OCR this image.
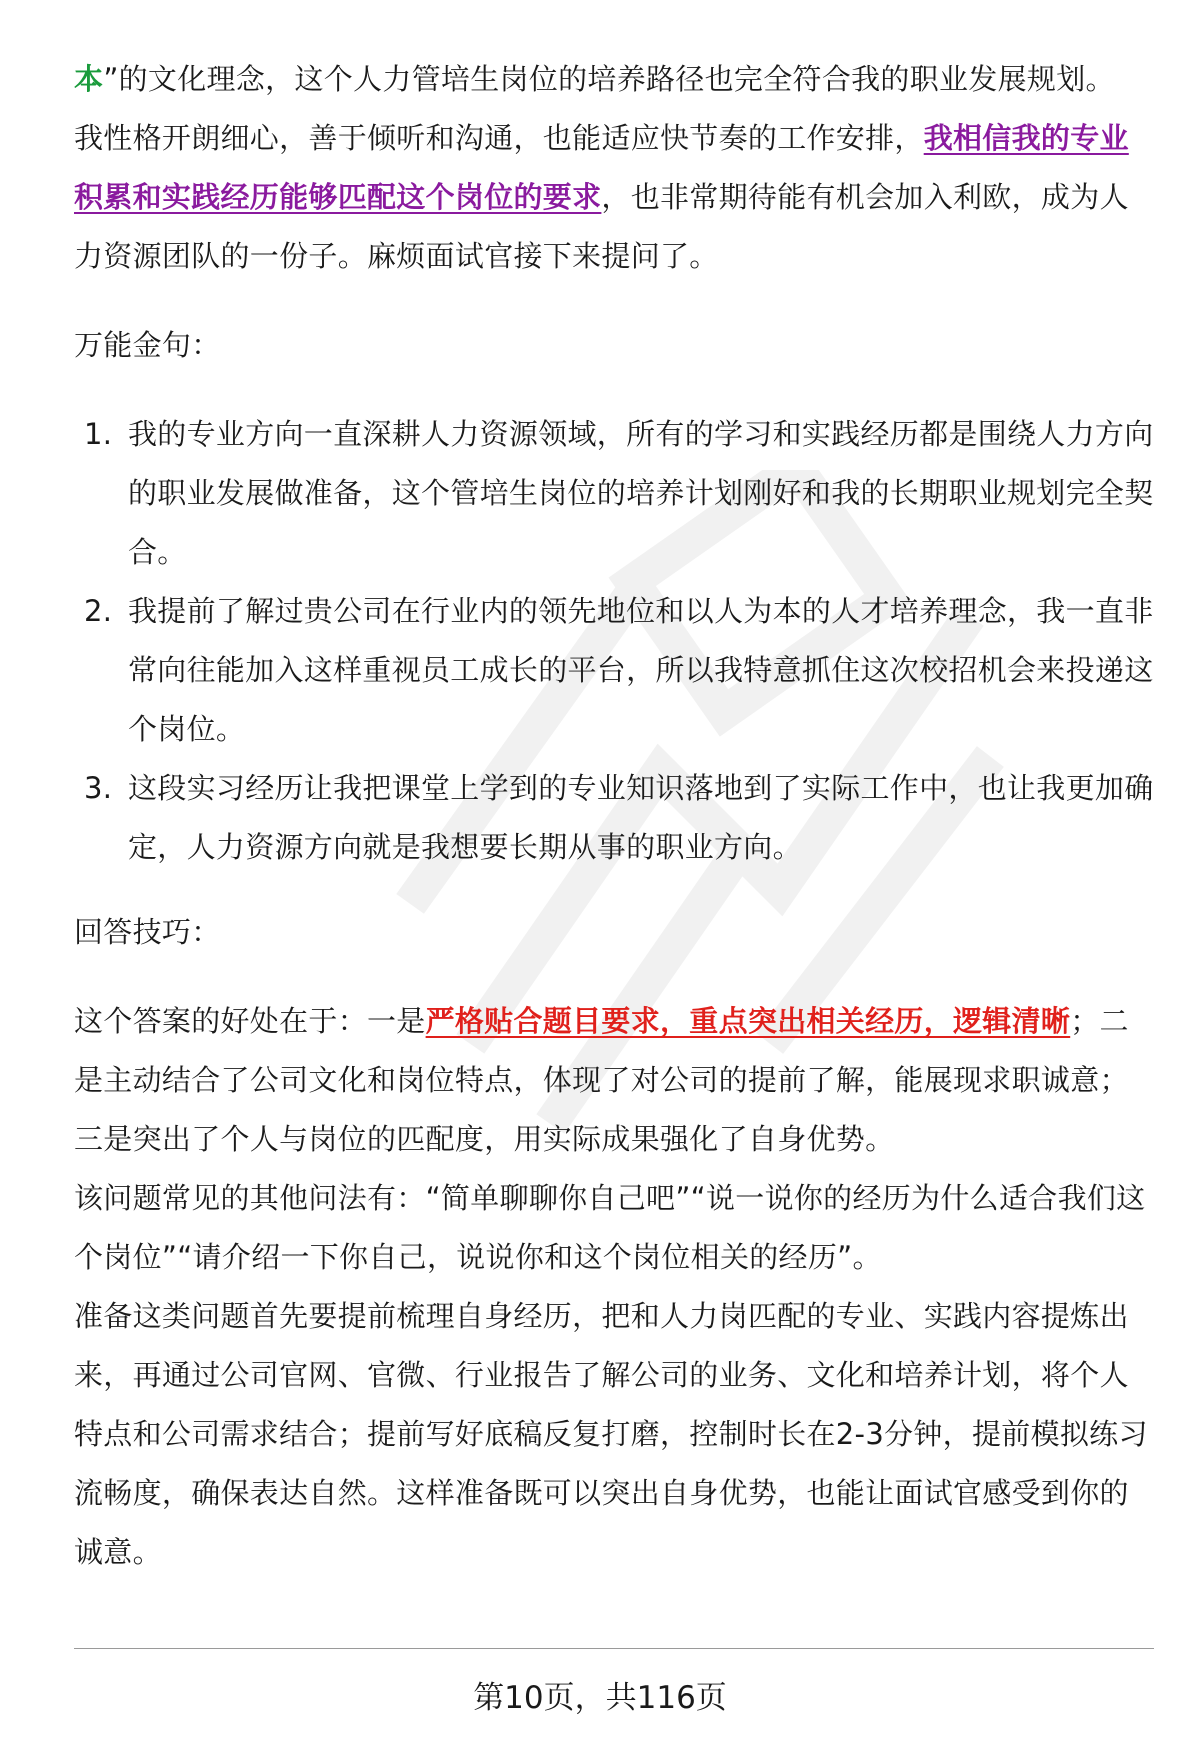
本”的文化理念，这个人力管培生岗位的培养路径也完全符合我的职业发展规划。
我性格开朗细心，善于倾听和沟通，也能适应快节奏的工作安排，我相信我的专业积累和实践经历能够匹配这个岗位的要求，也非常期待能有机会加入利欧，成为人力资源团队的一份子。麻烦面试官接下来提问了。

万能金句：

1. 我的专业方向一直深耕人力资源领域，所有的学习和实践经历都是围绕人力方向的职业发展做准备，这个管培生岗位的培养计划刚好和我的长期职业规划完全契合。
2. 我提前了解过贵公司在行业内的领先地位和以人为本的人才培养理念，我一直非常向往能加入这样重视员工成长的平台，所以我特意抓住这次校招机会来投递这个岗位。
3. 这段实习经历让我把课堂上学到的专业知识落地到了实际工作中，也让我更加确定，人力资源方向就是我想要长期从事的职业方向。

回答技巧：

这个答案的好处在于：一是严格贴合题目要求，重点突出相关经历，逻辑清晰；二是主动结合了公司文化和岗位特点，体现了对公司的提前了解，能展现求职诚意；三是突出了个人与岗位的匹配度，用实际成果强化了自身优势。

该问题常见的其他问法有：“简单聊聊你自己吧”“说一说你的经历为什么适合我们这个岗位”“请介绍一下你自己，说说你和这个岗位相关的经历”。

准备这类问题首先要提前梳理自身经历，把和人力岗匹配的专业、实践内容提炼出来，再通过公司官网、官微、行业报告了解公司的业务、文化和培养计划，将个人特点和公司需求结合；提前写好底稿反复打磨，控制时长在2-3分钟，提前模拟练习流畅度，确保表达自然。这样准备既可以突出自身优势，也能让面试官感受到你的诚意。

第10页，共116页
